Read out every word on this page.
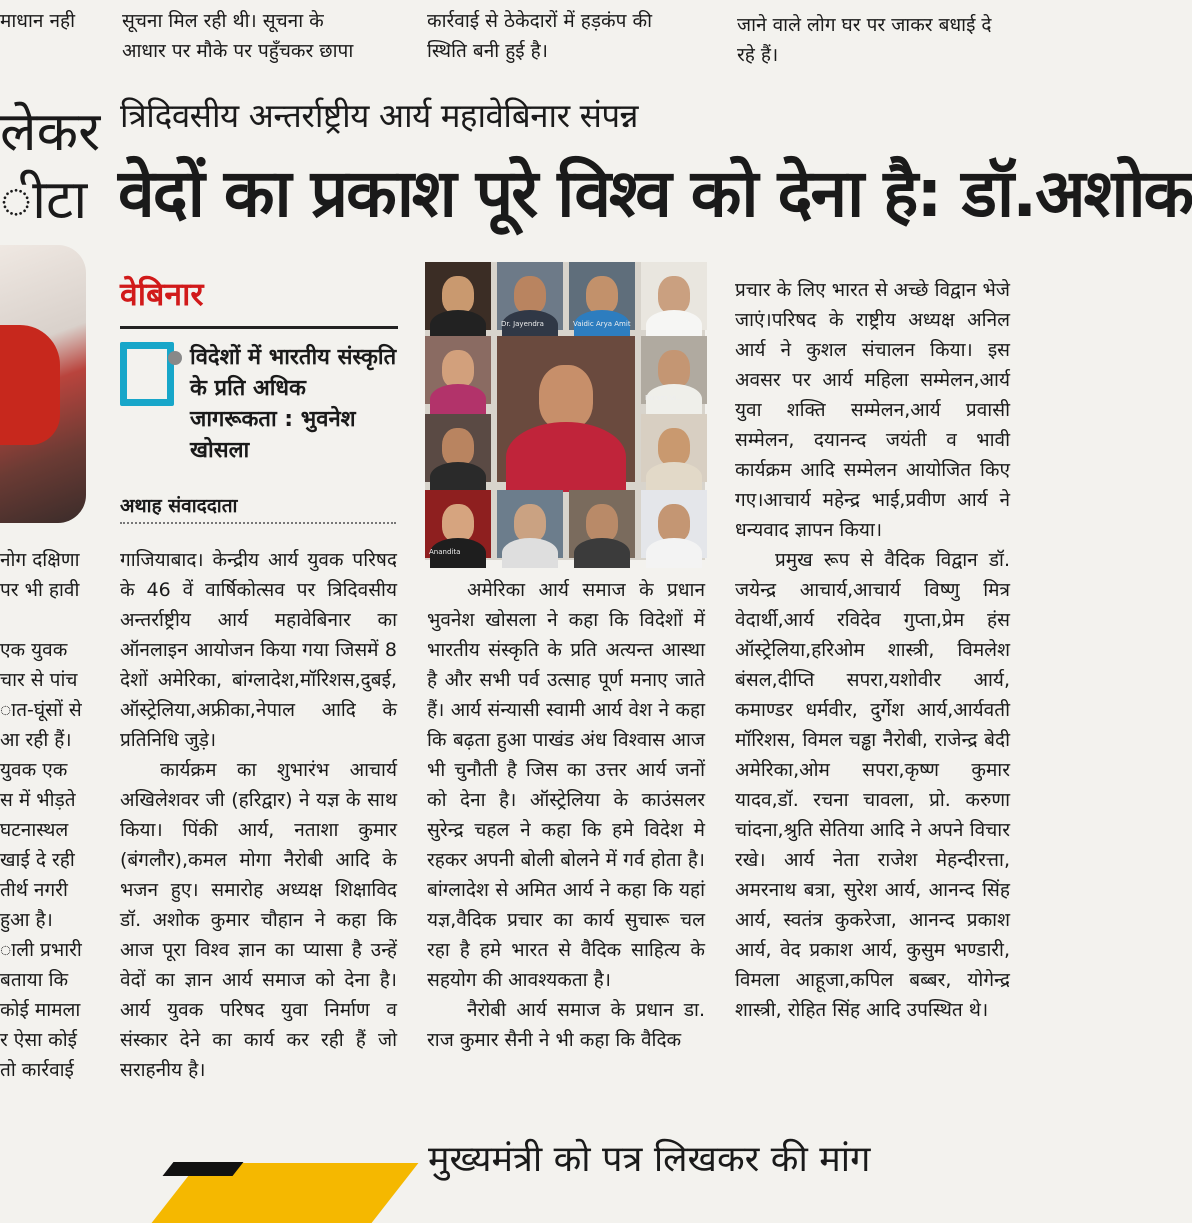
माधान नही	सूचना मिल रही थी। सूचना के
आधार पर मौके पर पहुँचकर छापा
कार्रवाई से ठेकेदारों में हड़कंप की
स्थिति बनी हुई है।
जाने वाले लोग घर पर जाकर बधाई दे
रहे हैं।
लेकर
ीटा
नोग दक्षिणा
पर भी हावी

एक युवक
चार से पांच
ात-घूंसों से
आ रही हैं।
युवक एक
स में भीड़ते
घटनास्थल
खाई दे रही
तीर्थ नगरी
हुआ है।
ाली प्रभारी
बताया कि
कोई मामला
र ऐसा कोई
तो कार्रवाई
त्रिदिवसीय अन्तर्राष्ट्रीय आर्य महावेबिनार संपन्न
वेदों का प्रकाश पूरे विश्व को देना है: डॉ.अशोक
वेबिनार
विदेशों में भारतीय संस्कृति के प्रति अधिक जागरूकता : भुवनेश खोसला
अथाह संवाददाता

गाजियाबाद। केन्द्रीय आर्य युवक परिषद के 46 वें वार्षिकोत्सव पर त्रिदिवसीय अन्तर्राष्ट्रीय आर्य महावेबिनार का ऑनलाइन आयोजन किया गया जिसमें 8 देशों अमेरिका, बांग्लादेश,मॉरिशस,दुबई, ऑस्ट्रेलिया,अफ्रीका,नेपाल आदि के प्रतिनिधि जुड़े।

कार्यक्रम का शुभारंभ आचार्य अखिलेशवर जी (हरिद्वार) ने यज्ञ के साथ किया। पिंकी आर्य, नताशा कुमार (बंगलौर),कमल मोगा नैरोबी आदि के भजन हुए। समारोह अध्यक्ष शिक्षाविद डॉ. अशोक कुमार चौहान ने कहा कि आज पूरा विश्व ज्ञान का प्यासा है उन्हें वेदों का ज्ञान आर्य समाज को देना है।आर्य युवक परिषद युवा निर्माण व संस्कार देने का कार्य कर रही हैं जो सराहनीय है।

Dr. Jayendra	Vaidic Arya Amit
Param Vi..
Anandita

अमेरिका आर्य समाज के प्रधान भुवनेश खोसला ने कहा कि विदेशों में भारतीय संस्कृति के प्रति अत्यन्त आस्था है और सभी पर्व उत्साह पूर्ण मनाए जाते हैं। आर्य संन्यासी स्वामी आर्य वेश ने कहा कि बढ़ता हुआ पाखंड अंध विश्वास आज भी चुनौती है जिस का उत्तर आर्य जनों को देना है। ऑस्ट्रेलिया के काउंसलर सुरेन्द्र चहल ने कहा कि हमे विदेश मे रहकर अपनी बोली बोलने में गर्व होता है। बांग्लादेश से अमित आर्य ने कहा कि यहां यज्ञ,वैदिक प्रचार का कार्य सुचारू चल रहा है हमे भारत से वैदिक साहित्य के सहयोग की आवश्यकता है।

नैरोबी आर्य समाज के प्रधान डा. राज कुमार सैनी ने भी कहा कि वैदिक

प्रचार के लिए भारत से अच्छे विद्वान भेजे जाएं।परिषद के राष्ट्रीय अध्यक्ष अनिल आर्य ने कुशल संचालन किया। इस अवसर पर आर्य महिला सम्मेलन,आर्य युवा शक्ति सम्मेलन,आर्य प्रवासी सम्मेलन, दयानन्द जयंती व भावी कार्यक्रम आदि सम्मेलन आयोजित किए गए।आचार्य महेन्द्र भाई,प्रवीण आर्य ने धन्यवाद ज्ञापन किया।

प्रमुख रूप से वैदिक विद्वान डॉ. जयेन्द्र आचार्य,आचार्य विष्णु मित्र वेदार्थी,आर्य रविदेव गुप्ता,प्रेम हंस ऑस्ट्रेलिया,हरिओम शास्त्री, विमलेश बंसल,दीप्ति सपरा,यशोवीर आर्य, कमाण्डर धर्मवीर, दुर्गेश आर्य,आर्यवती मॉरिशस, विमल चड्ढा नैरोबी, राजेन्द्र बेदी अमेरिका,ओम सपरा,कृष्ण कुमार यादव,डॉ. रचना चावला, प्रो. करुणा चांदना,श्रुति सेतिया आदि ने अपने विचार रखे। आर्य नेता राजेश मेहन्दीरत्ता, अमरनाथ बत्रा, सुरेश आर्य, आनन्द सिंह आर्य, स्वतंत्र कुकरेजा, आनन्द प्रकाश आर्य, वेद प्रकाश आर्य, कुसुम भण्डारी, विमला आहूजा,कपिल बब्बर, योगेन्द्र शास्त्री, रोहित सिंह आदि उपस्थित थे।

मुख्यमंत्री को पत्र लिखकर की मांग
